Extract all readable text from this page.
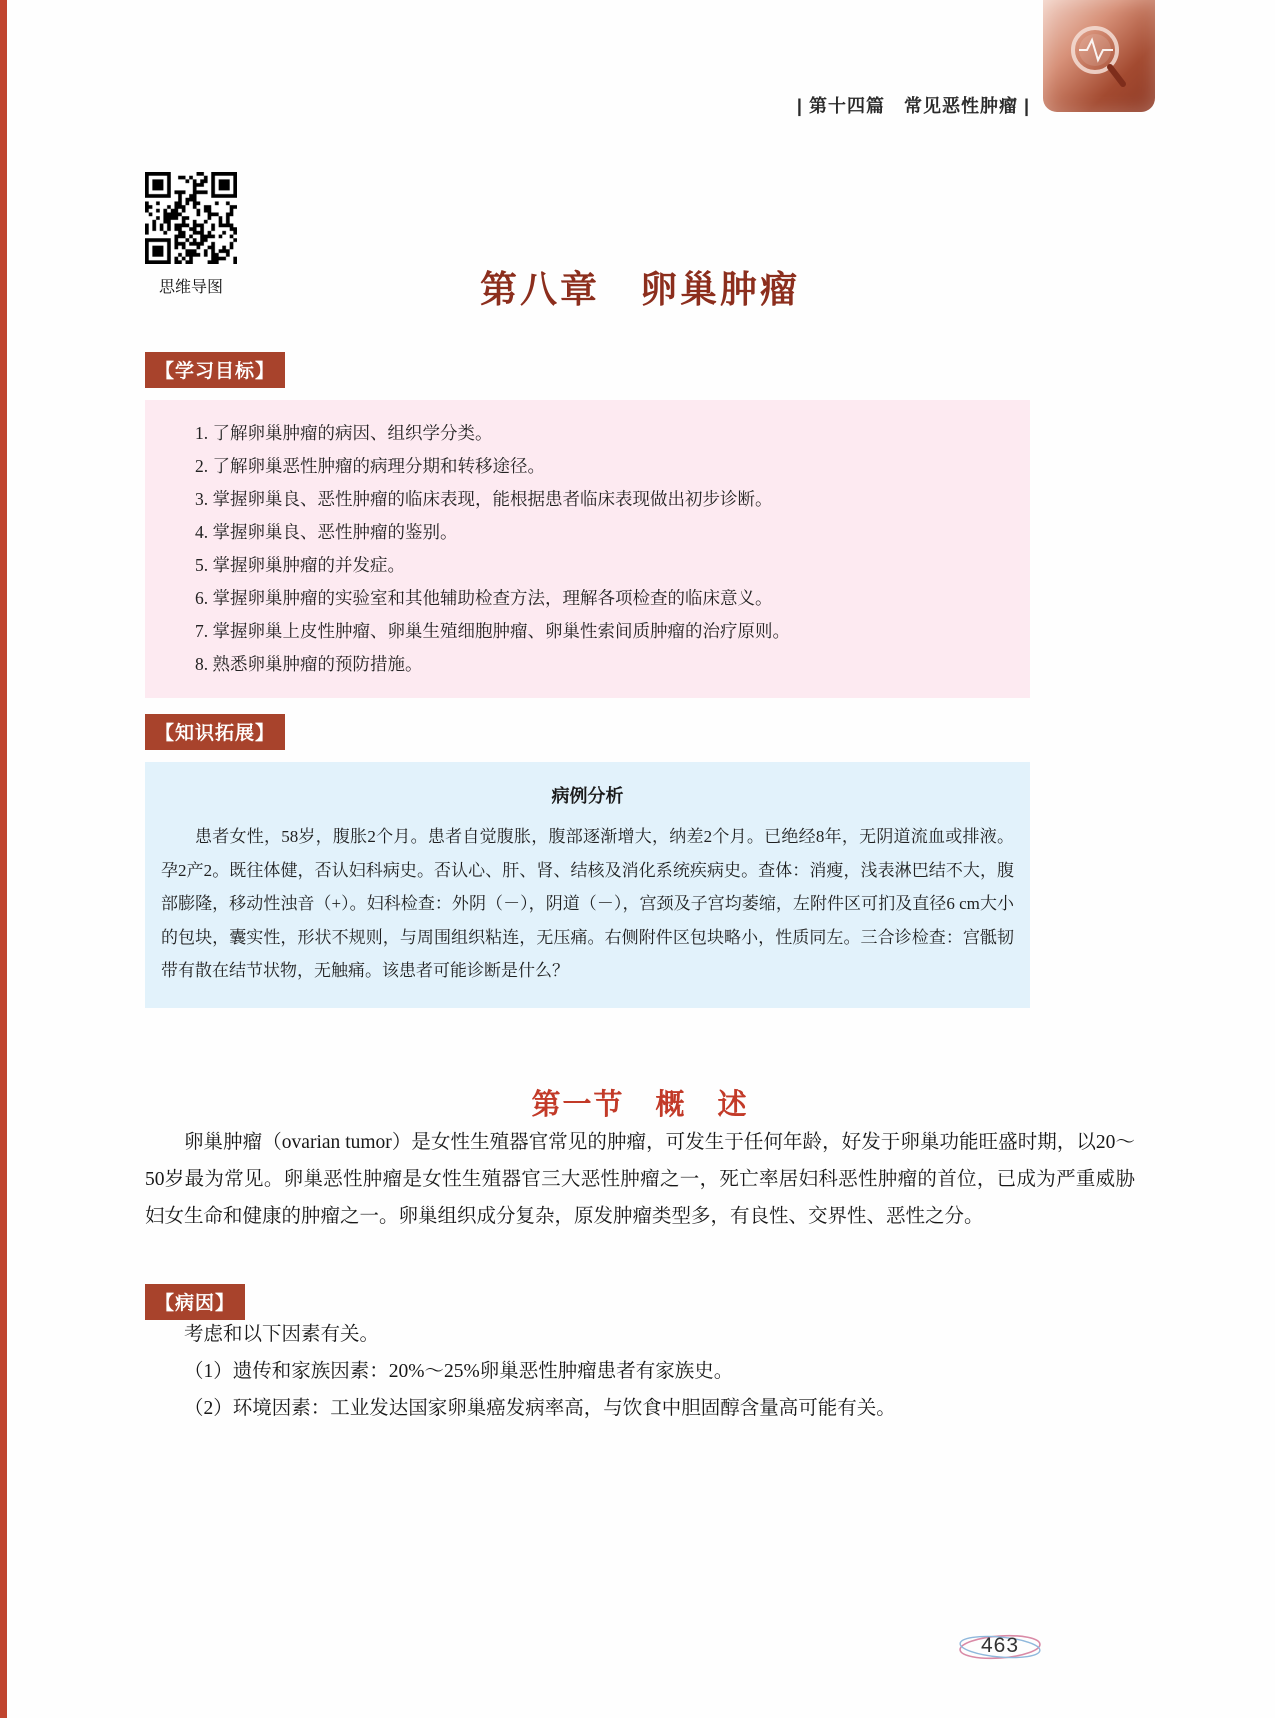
| 第十四篇　常见恶性肿瘤 |
思维导图	第八章　卵巢肿瘤
【学习目标】
1. 了解卵巢肿瘤的病因、组织学分类。
2. 了解卵巢恶性肿瘤的病理分期和转移途径。
3. 掌握卵巢良、恶性肿瘤的临床表现，能根据患者临床表现做出初步诊断。
4. 掌握卵巢良、恶性肿瘤的鉴别。
5. 掌握卵巢肿瘤的并发症。
6. 掌握卵巢肿瘤的实验室和其他辅助检查方法，理解各项检查的临床意义。
7. 掌握卵巢上皮性肿瘤、卵巢生殖细胞肿瘤、卵巢性索间质肿瘤的治疗原则。
8. 熟悉卵巢肿瘤的预防措施。
【知识拓展】
病例分析

患者女性，58岁，腹胀2个月。患者自觉腹胀，腹部逐渐增大，纳差2个月。已绝经8年，无阴道流血或排液。孕2产2。既往体健，否认妇科病史。否认心、肝、肾、结核及消化系统疾病史。查体：消瘦，浅表淋巴结不大，腹部膨隆，移动性浊音（+）。妇科检查：外阴（－），阴道（－），宫颈及子宫均萎缩，左附件区可扪及直径6 cm大小的包块，囊实性，形状不规则，与周围组织粘连，无压痛。右侧附件区包块略小，性质同左。三合诊检查：宫骶韧带有散在结节状物，无触痛。该患者可能诊断是什么？

第一节　概　述

卵巢肿瘤（ovarian tumor）是女性生殖器官常见的肿瘤，可发生于任何年龄，好发于卵巢功能旺盛时期，以20～50岁最为常见。卵巢恶性肿瘤是女性生殖器官三大恶性肿瘤之一，死亡率居妇科恶性肿瘤的首位，已成为严重威胁妇女生命和健康的肿瘤之一。卵巢组织成分复杂，原发肿瘤类型多，有良性、交界性、恶性之分。

【病因】

考虑和以下因素有关。

（1）遗传和家族因素：20%～25%卵巢恶性肿瘤患者有家族史。

（2）环境因素：工业发达国家卵巢癌发病率高，与饮食中胆固醇含量高可能有关。

463
